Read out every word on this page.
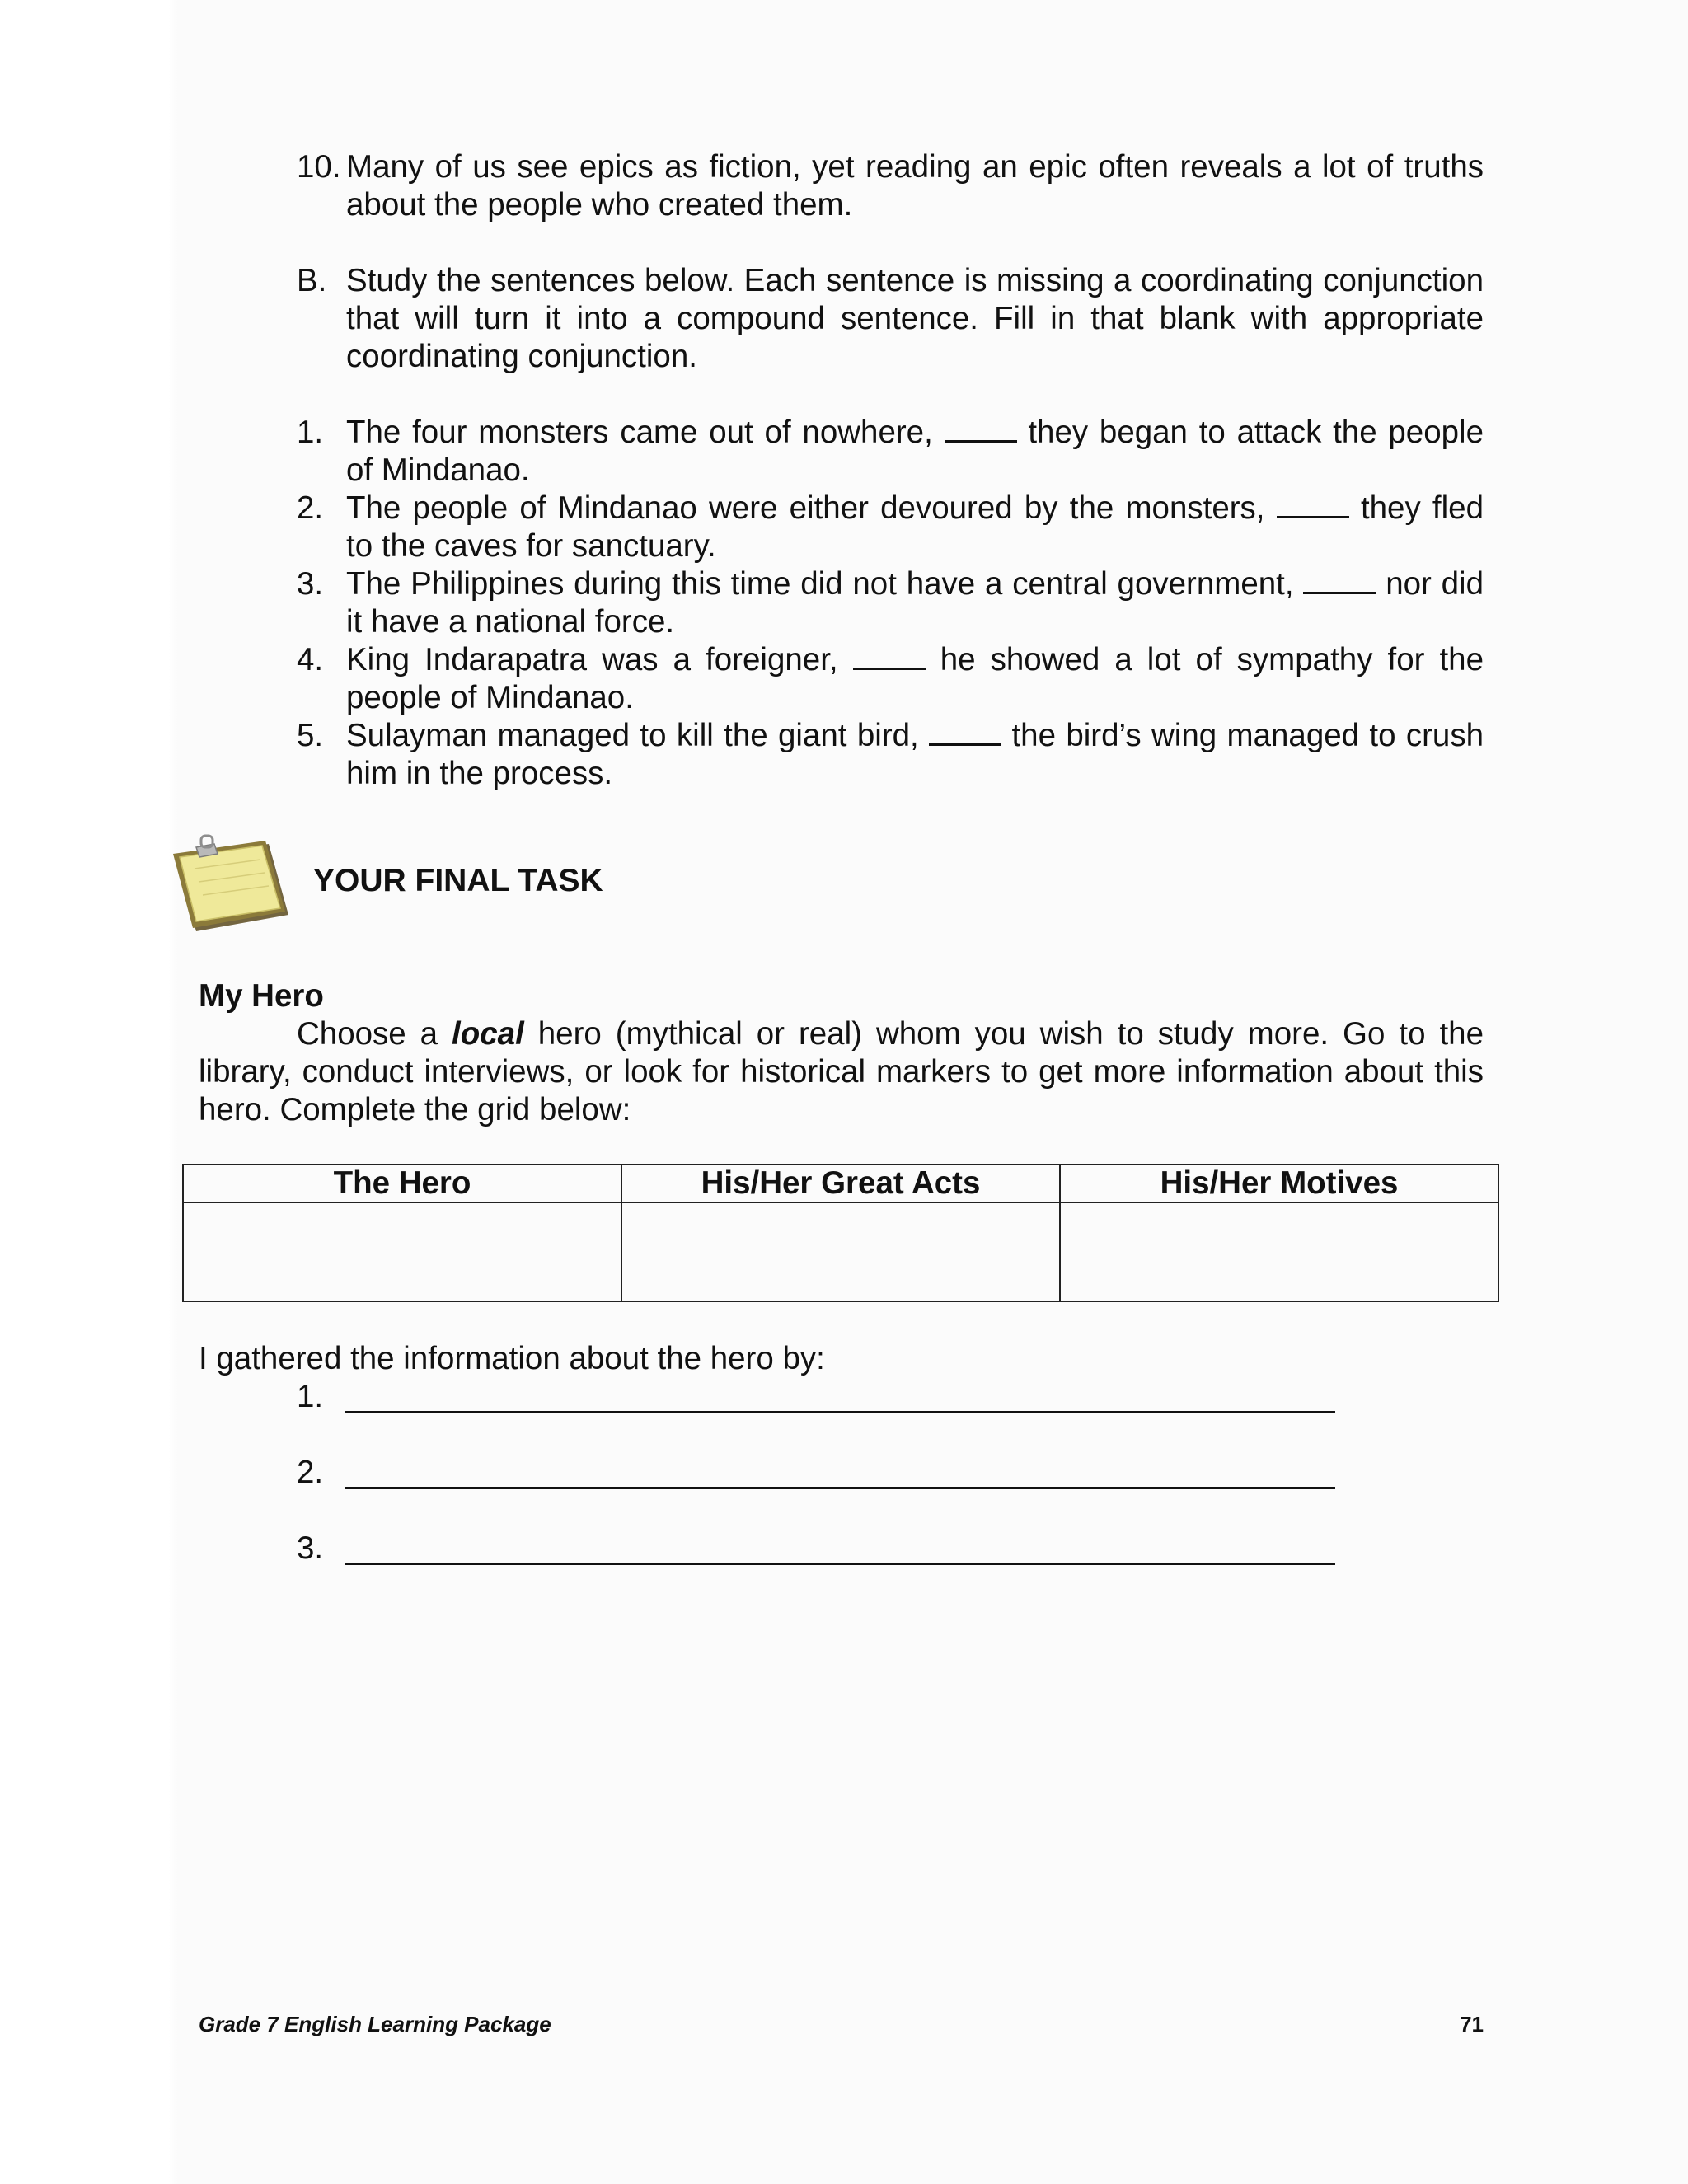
10. Many of us see epics as fiction, yet reading an epic often reveals a lot of truths about the people who created them.
B. Study the sentences below. Each sentence is missing a coordinating conjunction that will turn it into a compound sentence. Fill in that blank with appropriate coordinating conjunction.
1. The four monsters came out of nowhere,	they began to attack the people of Mindanao.
2. The people of Mindanao were either devoured by the monsters,	they fled to the caves for sanctuary.
3. The Philippines during this time did not have a central government,	nor did it have a national force.
4. King Indarapatra was a foreigner,	he showed a lot of sympathy for the people of Mindanao.
5. Sulayman managed to kill the giant bird,	the bird’s wing managed to crush him in the process.
YOUR FINAL TASK
My Hero
Choose a local hero (mythical or real) whom you wish to study more. Go to the library, conduct interviews, or look for historical markers to get more information about this hero. Complete the grid below:
The Hero	His/Her Great Acts	His/Her Motives

I gathered the information about the hero by:
1.
2.
3.
Grade 7 English Learning Package	71
